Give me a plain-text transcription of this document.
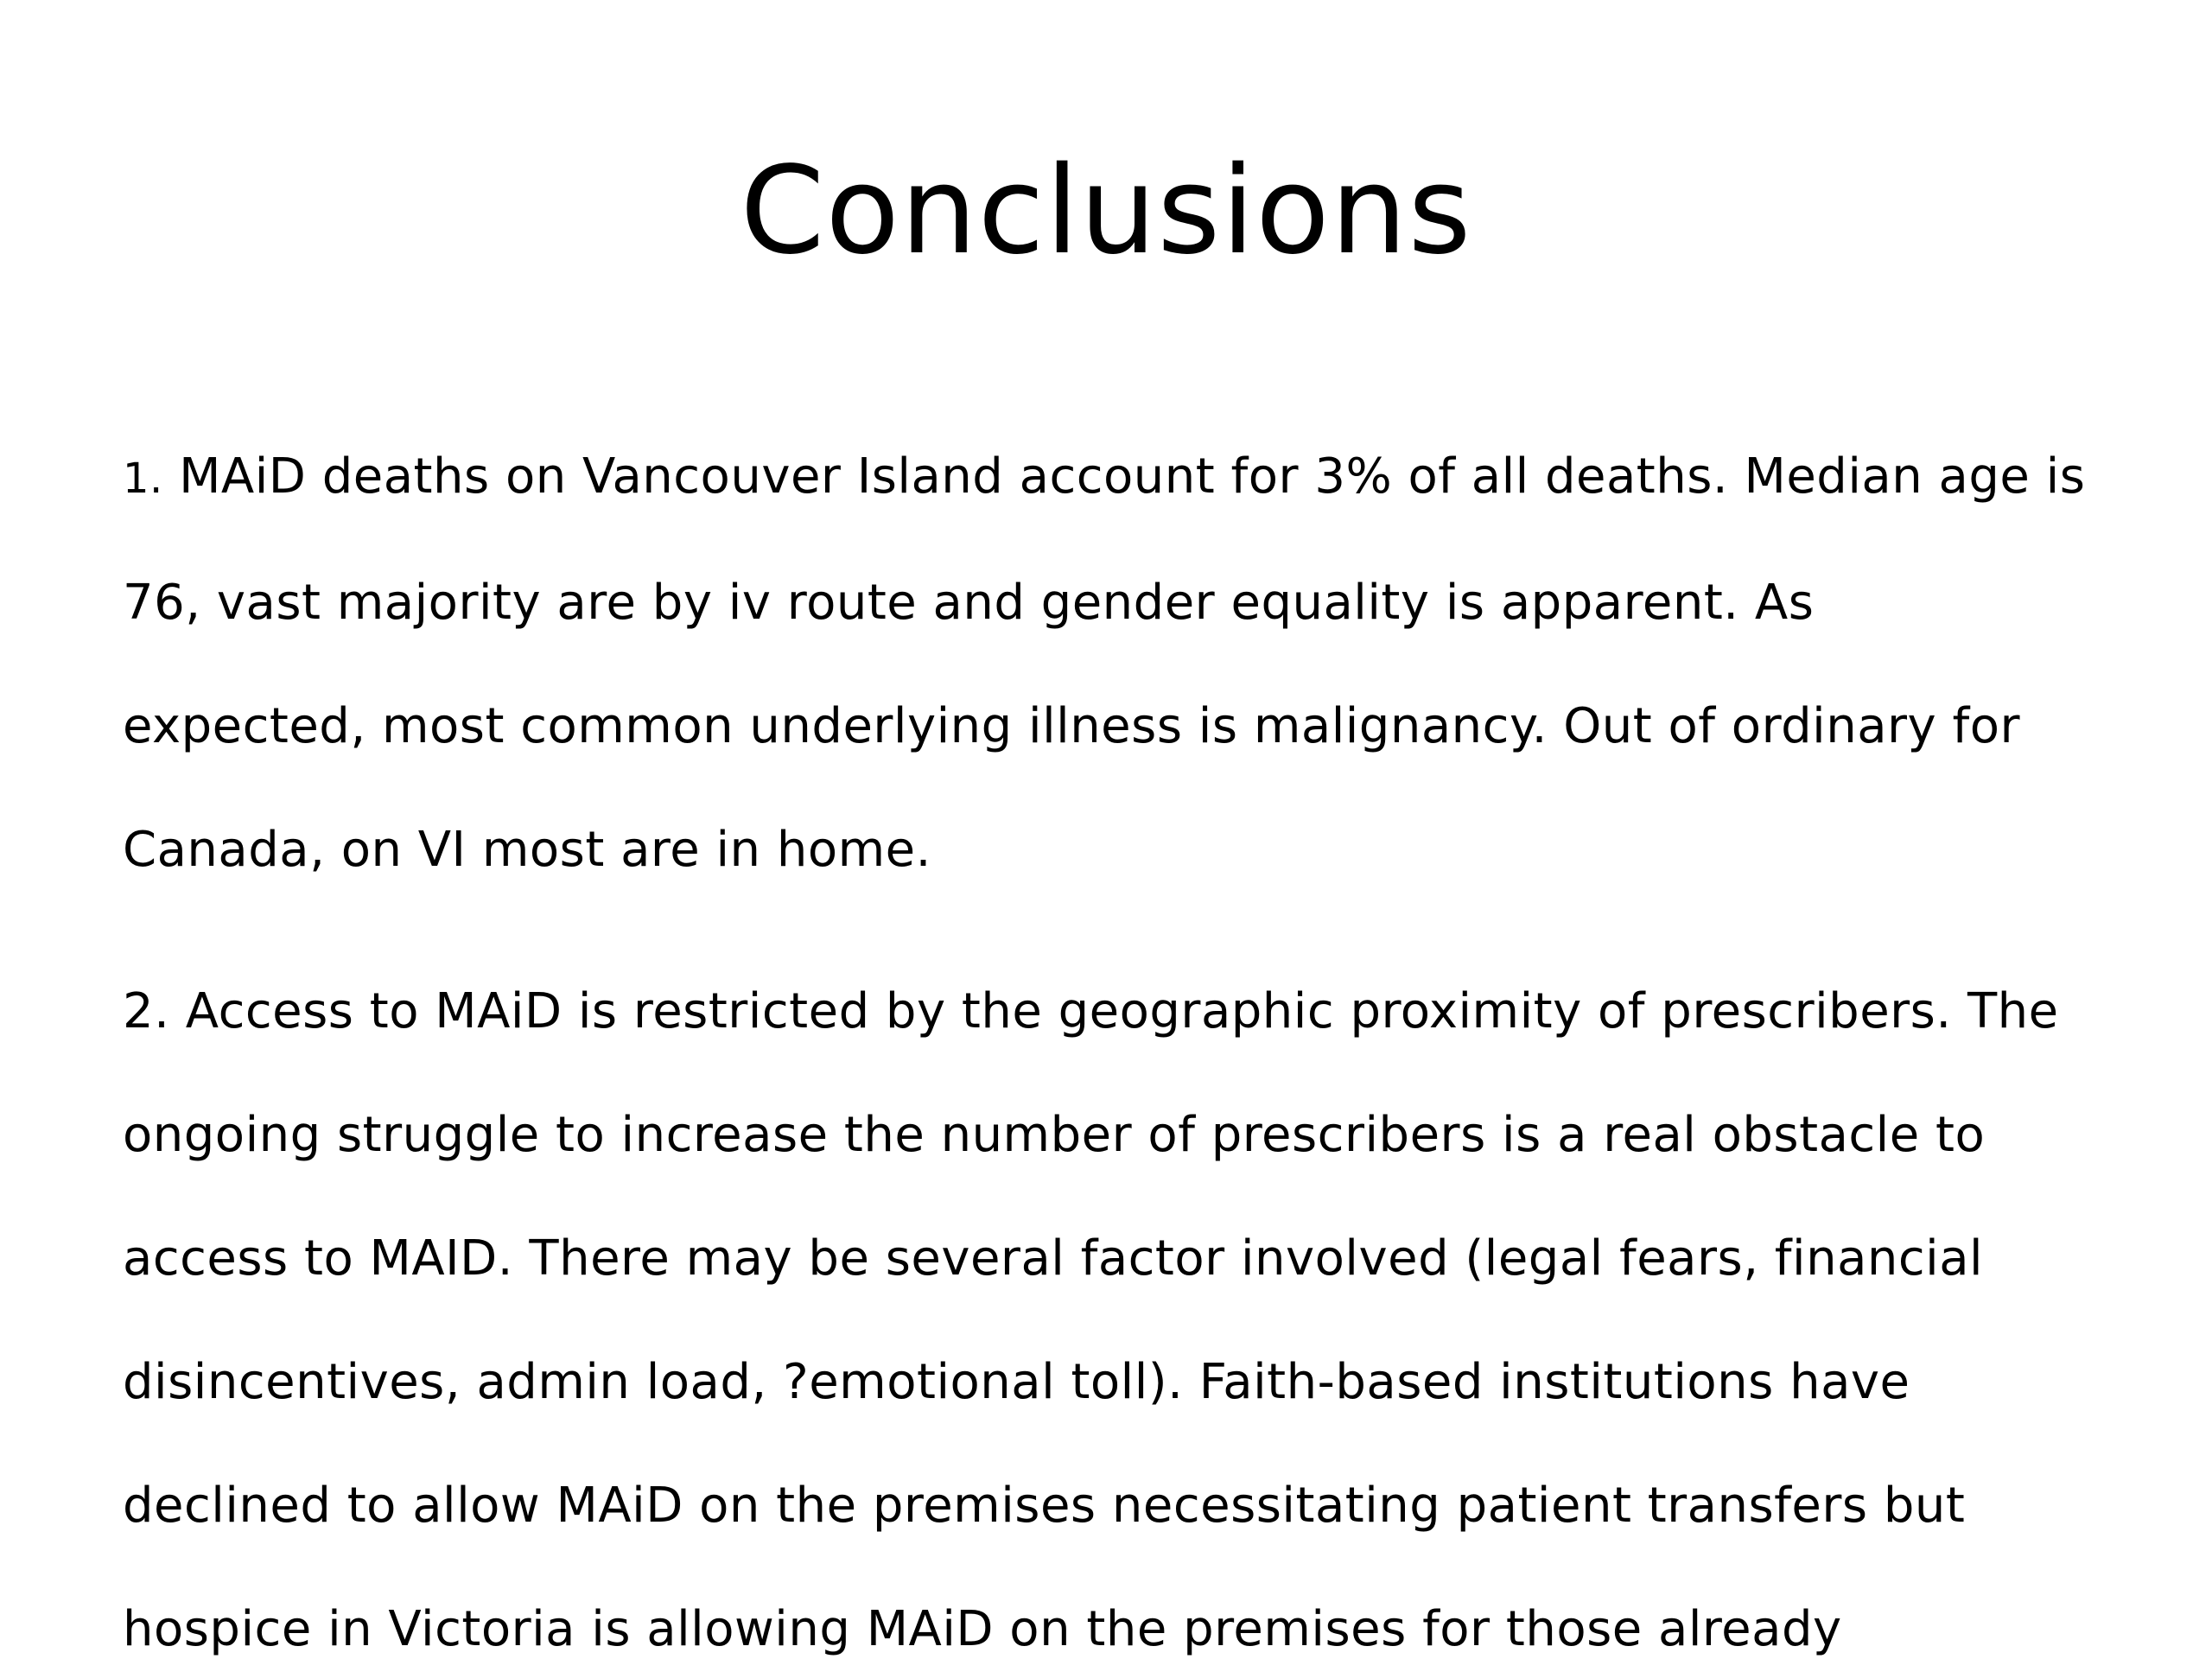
Conclusions

1. MAiD deaths on Vancouver Island account for 3% of all deaths. Median age is
76, vast majority are by iv route and gender equality is apparent. As
expected, most common underlying illness is malignancy. Out of ordinary for
Canada, on VI most are in home.

2. Access to MAiD is restricted by the geographic proximity of prescribers. The
ongoing struggle to increase the number of prescribers is a real obstacle to
access to MAID. There may be several factor involved (legal fears, financial
disincentives, admin load, ?emotional toll). Faith-based institutions have
declined to allow MAiD on the premises necessitating patient transfers but
hospice in Victoria is allowing MAiD on the premises for those already
